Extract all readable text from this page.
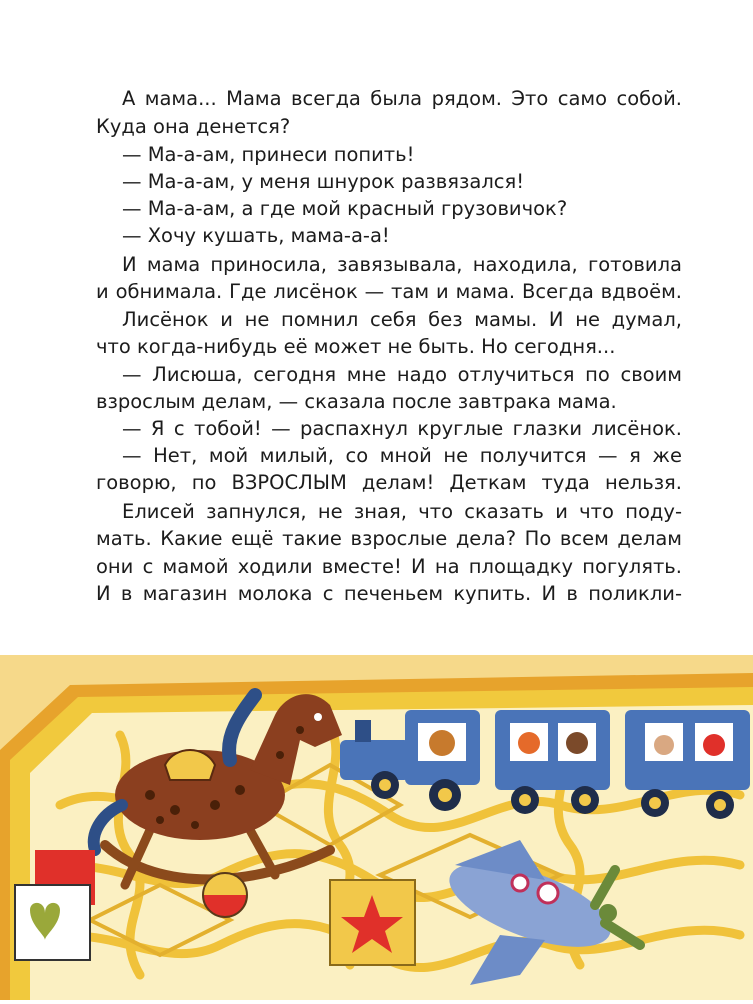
А мама... Мама всегда была рядом. Это само собой.
Куда она денется?
— Ма-а-ам, принеси попить!
— Ма-а-ам, у меня шнурок развязался!
— Ма-а-ам, а где мой красный грузовичок?
— Хочу кушать, мама-а-а!
И мама приносила, завязывала, находила, готовила
и обнимала. Где лисёнок — там и мама. Всегда вдвоём.
Лисёнок и не помнил себя без мамы. И не думал,
что когда-нибудь её может не быть. Но сегодня...
— Лисюша, сегодня мне надо отлучиться по своим
взрослым делам, — сказала после завтрака мама.
— Я с тобой! — распахнул круглые глазки лисёнок.
— Нет, мой милый, со мной не получится — я же
говорю, по ВЗРОСЛЫМ делам! Деткам туда нельзя.
Елисей запнулся, не зная, что сказать и что поду-
мать. Какие ещё такие взрослые дела? По всем делам
они с мамой ходили вместе! И на площадку погулять.
И в магазин молока с печеньем купить. И в поликли-
